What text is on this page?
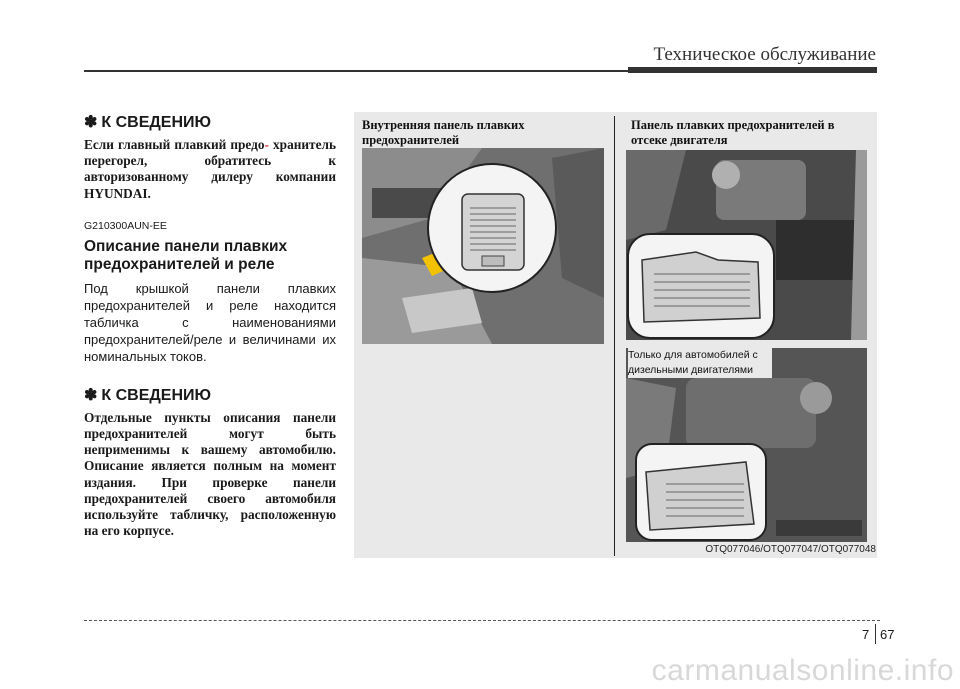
Техническое обслуживание
✽ К СВЕДЕНИЮ
Если главный плавкий предо- хранитель перегорел, обратитесь к авторизованному дилеру компании HYUNDAI.
G210300AUN-EE
Описание панели плавких предохранителей и реле
Под крышкой панели плавких предохранителей и реле находится табличка с наименованиями предохранителей/реле и величинами их номинальных токов.
✽ К СВЕДЕНИЮ
Отдельные пункты описания панели предохранителей могут быть неприменимы к вашему автомобилю. Описание является полным на момент издания. При проверке панели предохранителей своего автомобиля используйте табличку, расположенную на его корпусе.
Внутренняя панель плавких предохранителей
Панель плавких предохранителей в отсеке двигателя
Только для автомобилей с дизельными двигателями
OTQ077046/OTQ077047/OTQ077048
7 67
carmanualsonline.info
